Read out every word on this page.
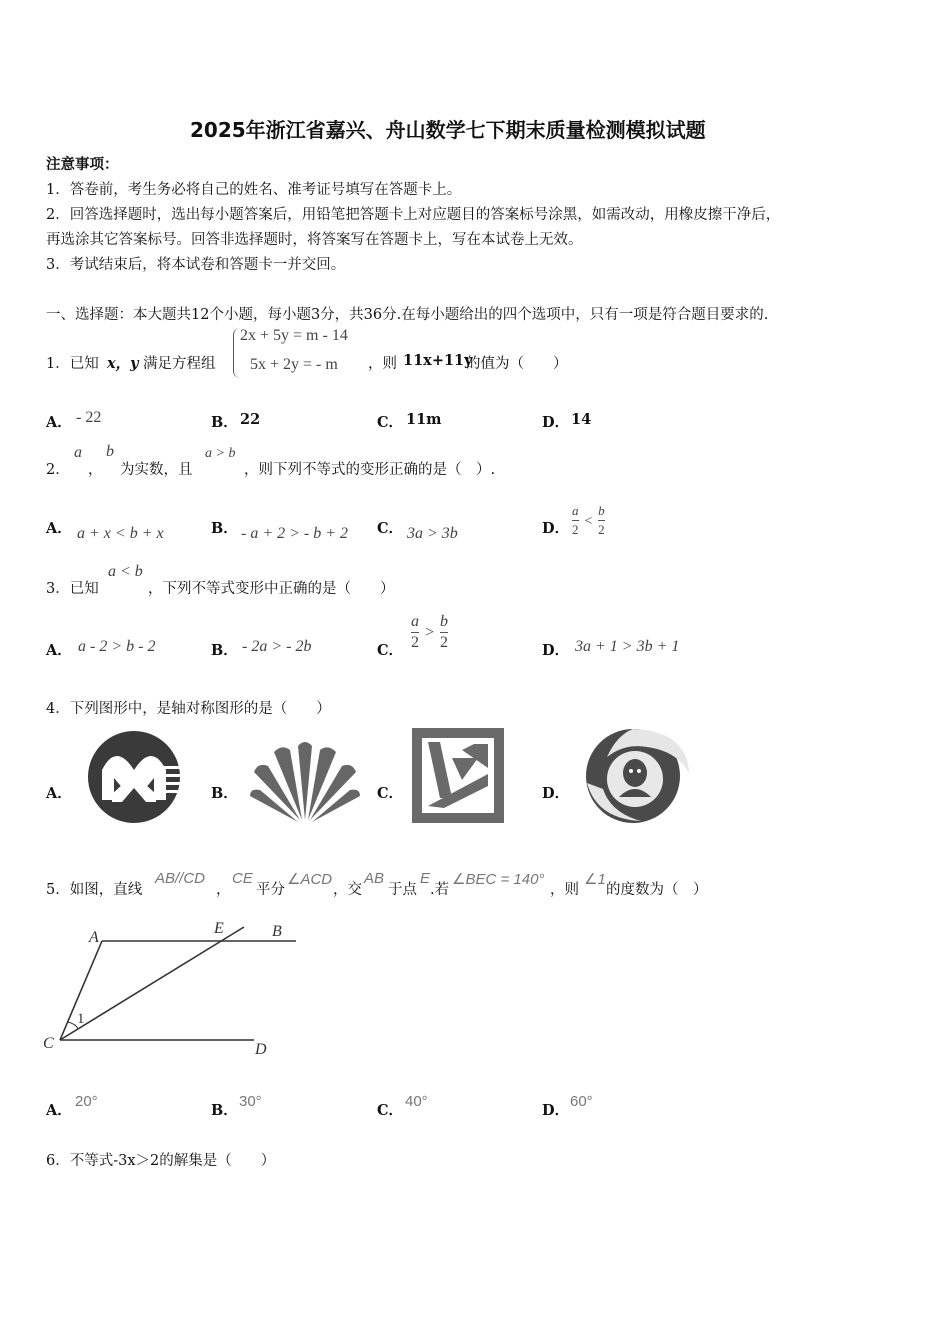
2025年浙江省嘉兴、舟山数学七下期末质量检测模拟试题
注意事项：
1．答卷前，考生务必将自己的姓名、准考证号填写在答题卡上。
2．回答选择题时，选出每小题答案后，用铅笔把答题卡上对应题目的答案标号涂黑，如需改动，用橡皮擦干净后，
再选涂其它答案标号。回答非选择题时，将答案写在答题卡上，写在本试卷上无效。
3．考试结束后，将本试卷和答题卡一并交回。
一、选择题：本大题共12个小题，每小题3分，共36分.在每小题给出的四个选项中，只有一项是符合题目要求的.
1．已知 x，y 满足方程组
2x + 5y = m - 14
5x + 2y = - m ，则 11x+11y
的值为（　　）
A． - 22	B． 22	C． 11m	D． 14
2．
a
，
b
为实数，且
a > b
，则下列不等式的变形正确的是（　）.
A． a + x < b + x	B． - a + 2 > - b + 2 C． 3a > 3b	D． $\frac{a}{2} < \frac{b}{2}$
3．已知
a < b
，下列不等式变形中正确的是（　　）
A． a - 2 > b - 2	B． - 2a > - 2b	C． $\frac{a}{2} > \frac{b}{2}$	D． 3a + 1 > 3b + 1
4．下列图形中，是轴对称图形的是（　　）
A．	B．	C．	D．
5．如图，直线
AB//CD
，
CE
平分
∠ACD
，交
AB
于点
E
.若
∠BEC = 140°
，则
∠1
的度数为（　）
A
E	B
C	D
1
A．
20°
B．
30°
C．
40°
D．
60°
6．不等式-3x＞2的解集是（　　）
